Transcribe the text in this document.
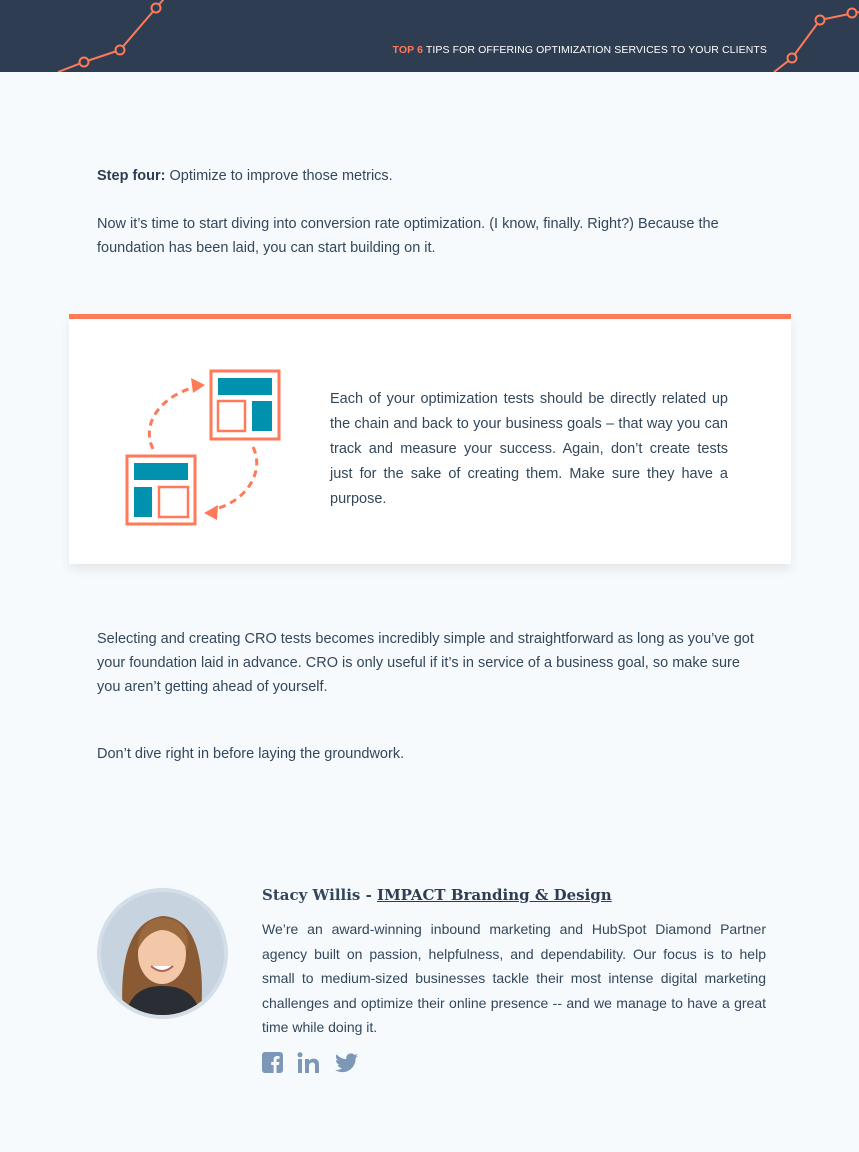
TOP 6 TIPS FOR OFFERING OPTIMIZATION SERVICES TO YOUR CLIENTS

Step four: Optimize to improve those metrics.

Now it’s time to start diving into conversion rate optimization. (I know, finally. Right?) Because the foundation has been laid, you can start building on it.

Each of your optimization tests should be directly related up the chain and back to your business goals – that way you can track and measure your success. Again, don’t create tests just for the sake of creating them. Make sure they have a purpose.

Selecting and creating CRO tests becomes incredibly simple and straightforward as long as you’ve got your foundation laid in advance. CRO is only useful if it’s in service of a business goal, so make sure you aren’t getting ahead of yourself.

Don’t dive right in before laying the groundwork.

Stacy Willis - IMPACT Branding & Design

We’re an award-winning inbound marketing and HubSpot Diamond Partner agency built on passion, helpfulness, and dependability. Our focus is to help small to medium-sized businesses tackle their most intense digital marketing challenges and optimize their online presence -- and we manage to have a great time while doing it.
